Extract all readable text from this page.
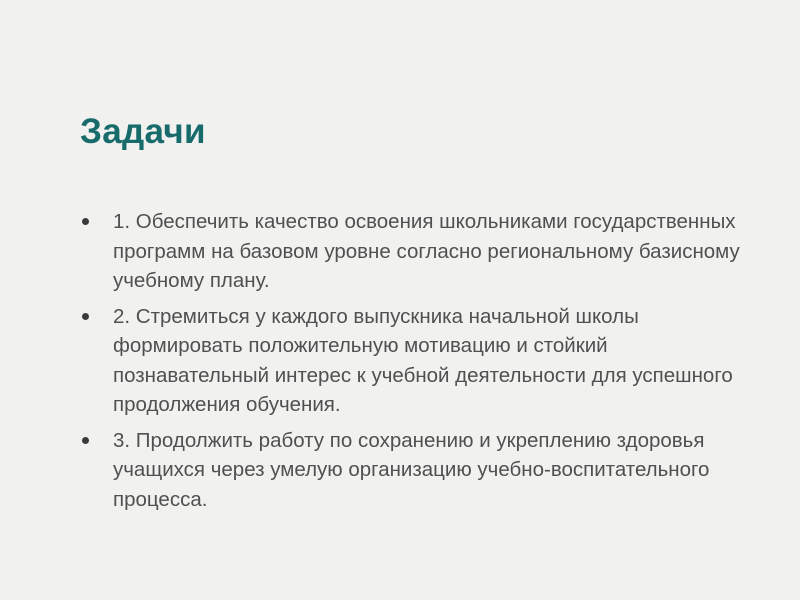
Задачи
1. Обеспечить качество освоения школьниками государственных программ на базовом уровне согласно региональному базисному учебному плану.
2. Стремиться у каждого выпускника начальной школы формировать положительную мотивацию и стойкий познавательный интерес к учебной деятельности для успешного продолжения обучения.
3. Продолжить работу по сохранению и укреплению здоровья учащихся через умелую организацию учебно-воспитательного процесса.
